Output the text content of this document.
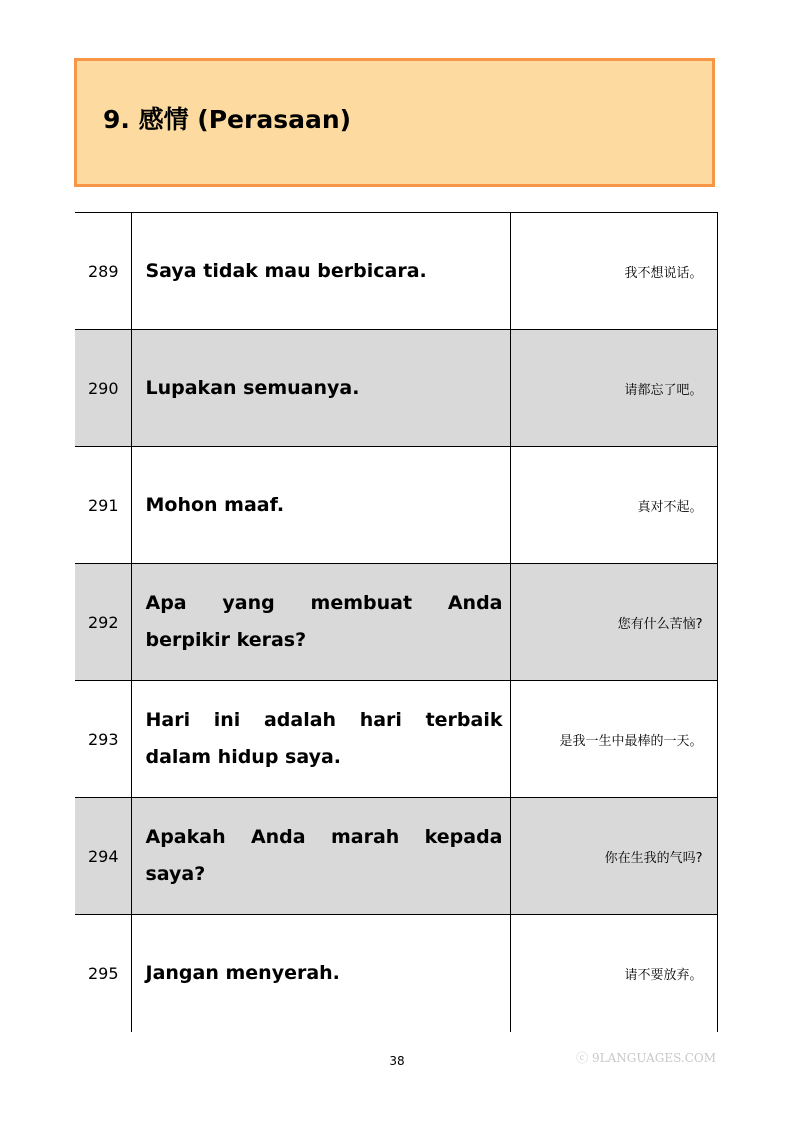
9. 感情 (Perasaan)
289	Saya tidak mau berbicara.	我不想说话。
290	Lupakan semuanya.	请都忘了吧。
291	Mohon maaf.	真对不起。
292	Apa yang membuat Anda berpikir keras?	您有什么苦恼?
293	Hari ini adalah hari terbaik dalam hidup saya.	是我一生中最棒的一天。
294	Apakah Anda marah kepada saya?	你在生我的气吗?
295	Jangan menyerah.	请不要放弃。
38	ⓒ 9LANGUAGES.COM
